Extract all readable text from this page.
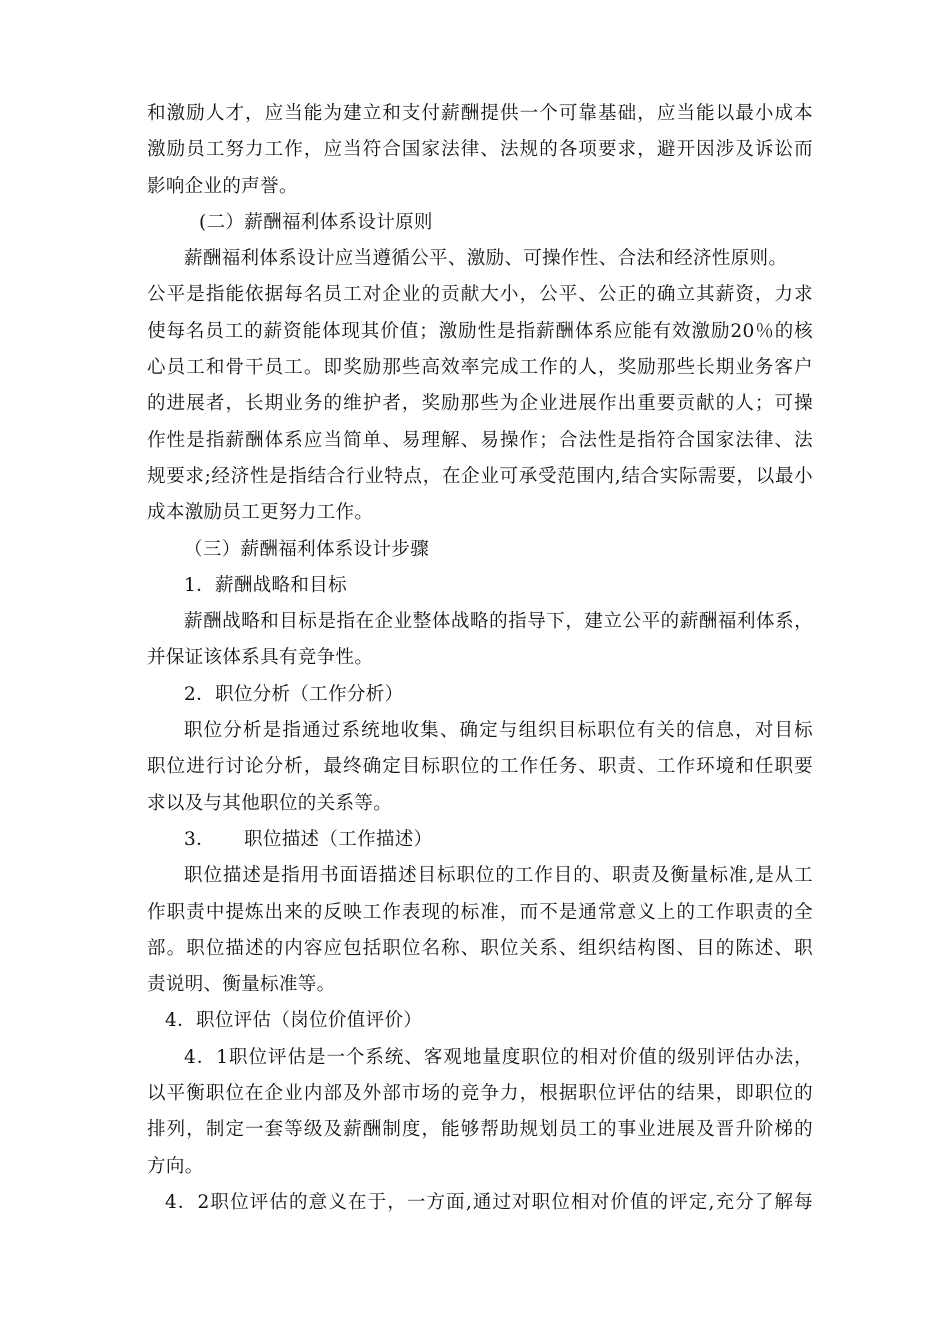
和激励人才，应当能为建立和支付薪酬提供一个可靠基础，应当能以最小成本
激励员工努力工作，应当符合国家法律、法规的各项要求，避开因涉及诉讼而
影响企业的声誉。
(二）薪酬福利体系设计原则
薪酬福利体系设计应当遵循公平、激励、可操作性、合法和经济性原则。
公平是指能依据每名员工对企业的贡献大小，公平、公正的确立其薪资，力求
使每名员工的薪资能体现其价值；激励性是指薪酬体系应能有效激励20％的核
心员工和骨干员工。即奖励那些高效率完成工作的人，奖励那些长期业务客户
的进展者，长期业务的维护者，奖励那些为企业进展作出重要贡献的人；可操
作性是指薪酬体系应当简单、易理解、易操作；合法性是指符合国家法律、法
规要求;经济性是指结合行业特点，在企业可承受范围内,结合实际需要，以最小
成本激励员工更努力工作。
（三）薪酬福利体系设计步骤
1．薪酬战略和目标
薪酬战略和目标是指在企业整体战略的指导下，建立公平的薪酬福利体系，
并保证该体系具有竞争性。
2．职位分析（工作分析）
职位分析是指通过系统地收集、确定与组织目标职位有关的信息，对目标
职位进行讨论分析，最终确定目标职位的工作任务、职责、工作环境和任职要
求以及与其他职位的关系等。
3． 职位描述（工作描述）
职位描述是指用书面语描述目标职位的工作目的、职责及衡量标准,是从工
作职责中提炼出来的反映工作表现的标准，而不是通常意义上的工作职责的全
部。职位描述的内容应包括职位名称、职位关系、组织结构图、目的陈述、职
责说明、衡量标准等。
4．职位评估（岗位价值评价）
4．1职位评估是一个系统、客观地量度职位的相对价值的级别评估办法，
以平衡职位在企业内部及外部市场的竞争力，根据职位评估的结果，即职位的
排列，制定一套等级及薪酬制度，能够帮助规划员工的事业进展及晋升阶梯的
方向。
4．2职位评估的意义在于，一方面,通过对职位相对价值的评定,充分了解每
